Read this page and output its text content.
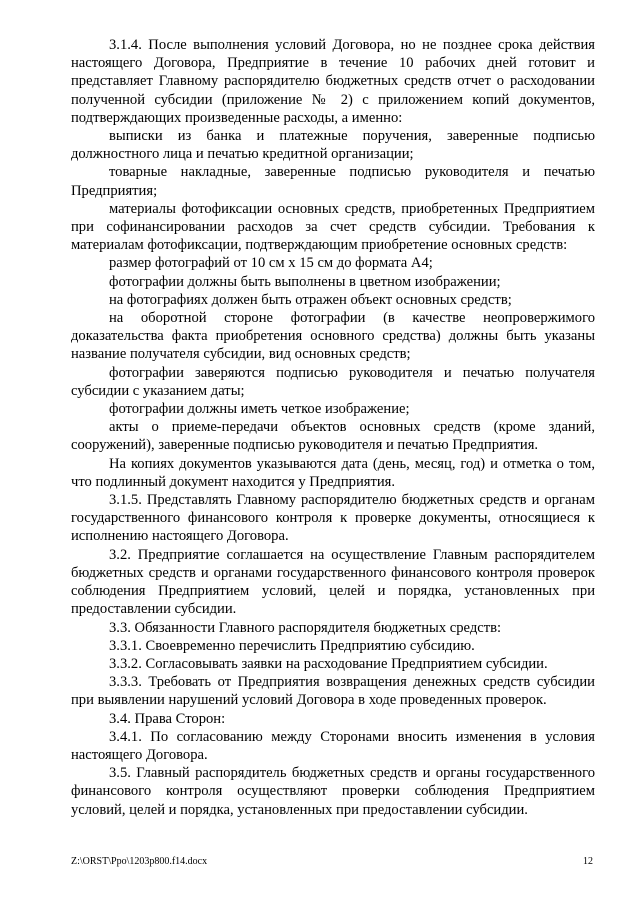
3.1.4. После выполнения условий Договора, но не позднее срока действия настоящего Договора, Предприятие в течение 10 рабочих дней готовит и представляет Главному распорядителю бюджетных средств отчет о расходовании полученной субсидии (приложение № 2) с приложением копий документов, подтверждающих произведенные расходы, а именно:

выписки из банка и платежные поручения, заверенные подписью должностного лица и печатью кредитной организации;

товарные накладные, заверенные подписью руководителя и печатью Предприятия;

материалы фотофиксации основных средств, приобретенных Предприятием при софинансировании расходов за счет средств субсидии. Требования к материалам фотофиксации, подтверждающим приобретение основных средств:

размер фотографий от 10 см х 15 см до формата А4;

фотографии должны быть выполнены в цветном изображении;

на фотографиях должен быть отражен объект основных средств;

на оборотной стороне фотографии (в качестве неопровержимого доказательства факта приобретения основного средства) должны быть указаны название получателя субсидии, вид основных средств;

фотографии заверяются подписью руководителя и печатью получателя субсидии с указанием даты;

фотографии должны иметь четкое изображение;

акты о приеме-передачи объектов основных средств (кроме зданий, сооружений), заверенные подписью руководителя и печатью Предприятия.

На копиях документов указываются дата (день, месяц, год) и отметка о том, что подлинный документ находится у Предприятия.

3.1.5. Представлять Главному распорядителю бюджетных средств и органам государственного финансового контроля к проверке документы, относящиеся к исполнению настоящего Договора.

3.2. Предприятие соглашается на осуществление Главным распорядителем бюджетных средств и органами государственного финансового контроля проверок соблюдения Предприятием условий, целей и порядка, установленных при предоставлении субсидии.

3.3. Обязанности Главного распорядителя бюджетных средств:

3.3.1. Своевременно перечислить Предприятию субсидию.

3.3.2. Согласовывать заявки на расходование Предприятием субсидии.

3.3.3. Требовать от Предприятия возвращения денежных средств субсидии при выявлении нарушений условий Договора в ходе проведенных проверок.

3.4. Права Сторон:

3.4.1. По согласованию между Сторонами вносить изменения в условия настоящего Договора.

3.5. Главный распорядитель бюджетных средств и органы государственного финансового контроля осуществляют проверки соблюдения Предприятием условий, целей и порядка, установленных при предоставлении субсидии.

Z:\ORST\Ppo\1203p800.f14.docx	12
